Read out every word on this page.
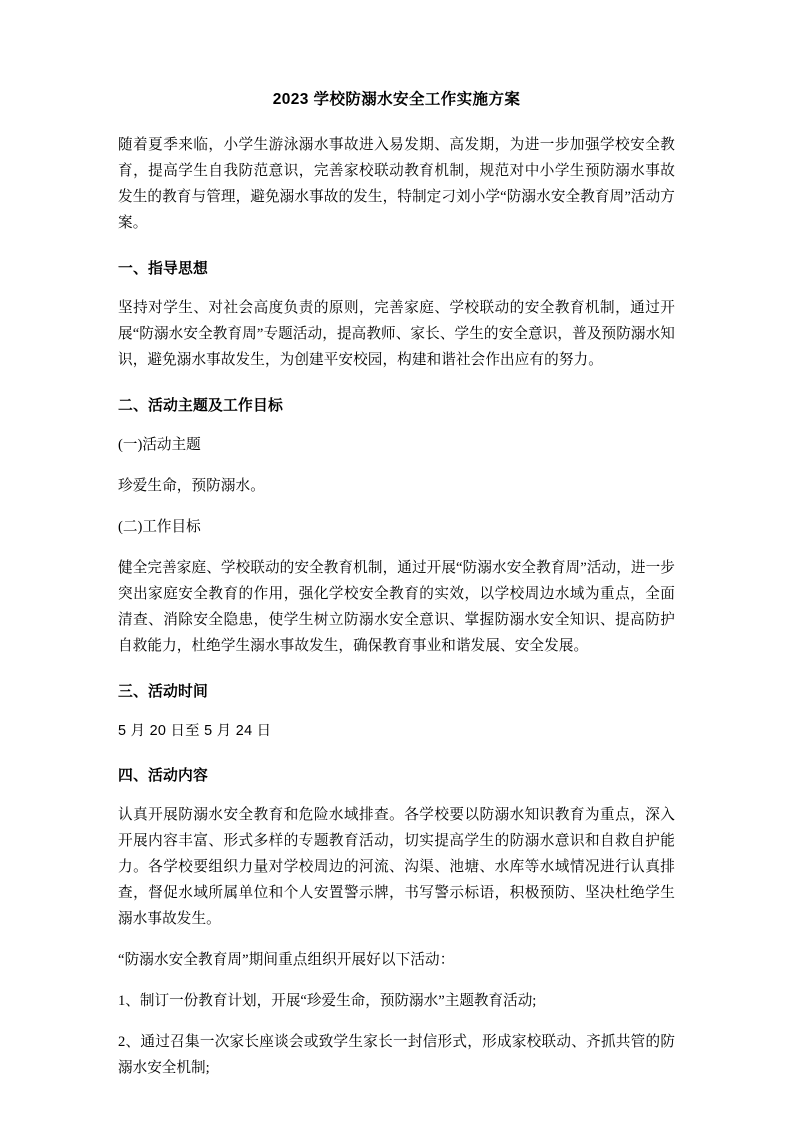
2023 学校防溺水安全工作实施方案

随着夏季来临，小学生游泳溺水事故进入易发期、高发期，为进一步加强学校安全教育，提高学生自我防范意识，完善家校联动教育机制，规范对中小学生预防溺水事故发生的教育与管理，避免溺水事故的发生，特制定刁刘小学“防溺水安全教育周”活动方案。

一、指导思想

坚持对学生、对社会高度负责的原则，完善家庭、学校联动的安全教育机制，通过开展“防溺水安全教育周”专题活动，提高教师、家长、学生的安全意识，普及预防溺水知识，避免溺水事故发生，为创建平安校园，构建和谐社会作出应有的努力。

二、活动主题及工作目标

(一)活动主题

珍爱生命，预防溺水。

(二)工作目标

健全完善家庭、学校联动的安全教育机制，通过开展“防溺水安全教育周”活动，进一步突出家庭安全教育的作用，强化学校安全教育的实效，以学校周边水域为重点，全面清查、消除安全隐患，使学生树立防溺水安全意识、掌握防溺水安全知识、提高防护自救能力，杜绝学生溺水事故发生，确保教育事业和谐发展、安全发展。

三、活动时间

5 月 20 日至 5 月 24 日

四、活动内容

认真开展防溺水安全教育和危险水域排查。各学校要以防溺水知识教育为重点，深入开展内容丰富、形式多样的专题教育活动，切实提高学生的防溺水意识和自救自护能力。各学校要组织力量对学校周边的河流、沟渠、池塘、水库等水域情况进行认真排查，督促水域所属单位和个人安置警示牌，书写警示标语，积极预防、坚决杜绝学生溺水事故发生。

“防溺水安全教育周”期间重点组织开展好以下活动：

1、制订一份教育计划，开展“珍爱生命，预防溺水”主题教育活动;

2、通过召集一次家长座谈会或致学生家长一封信形式，形成家校联动、齐抓共管的防溺水安全机制;
